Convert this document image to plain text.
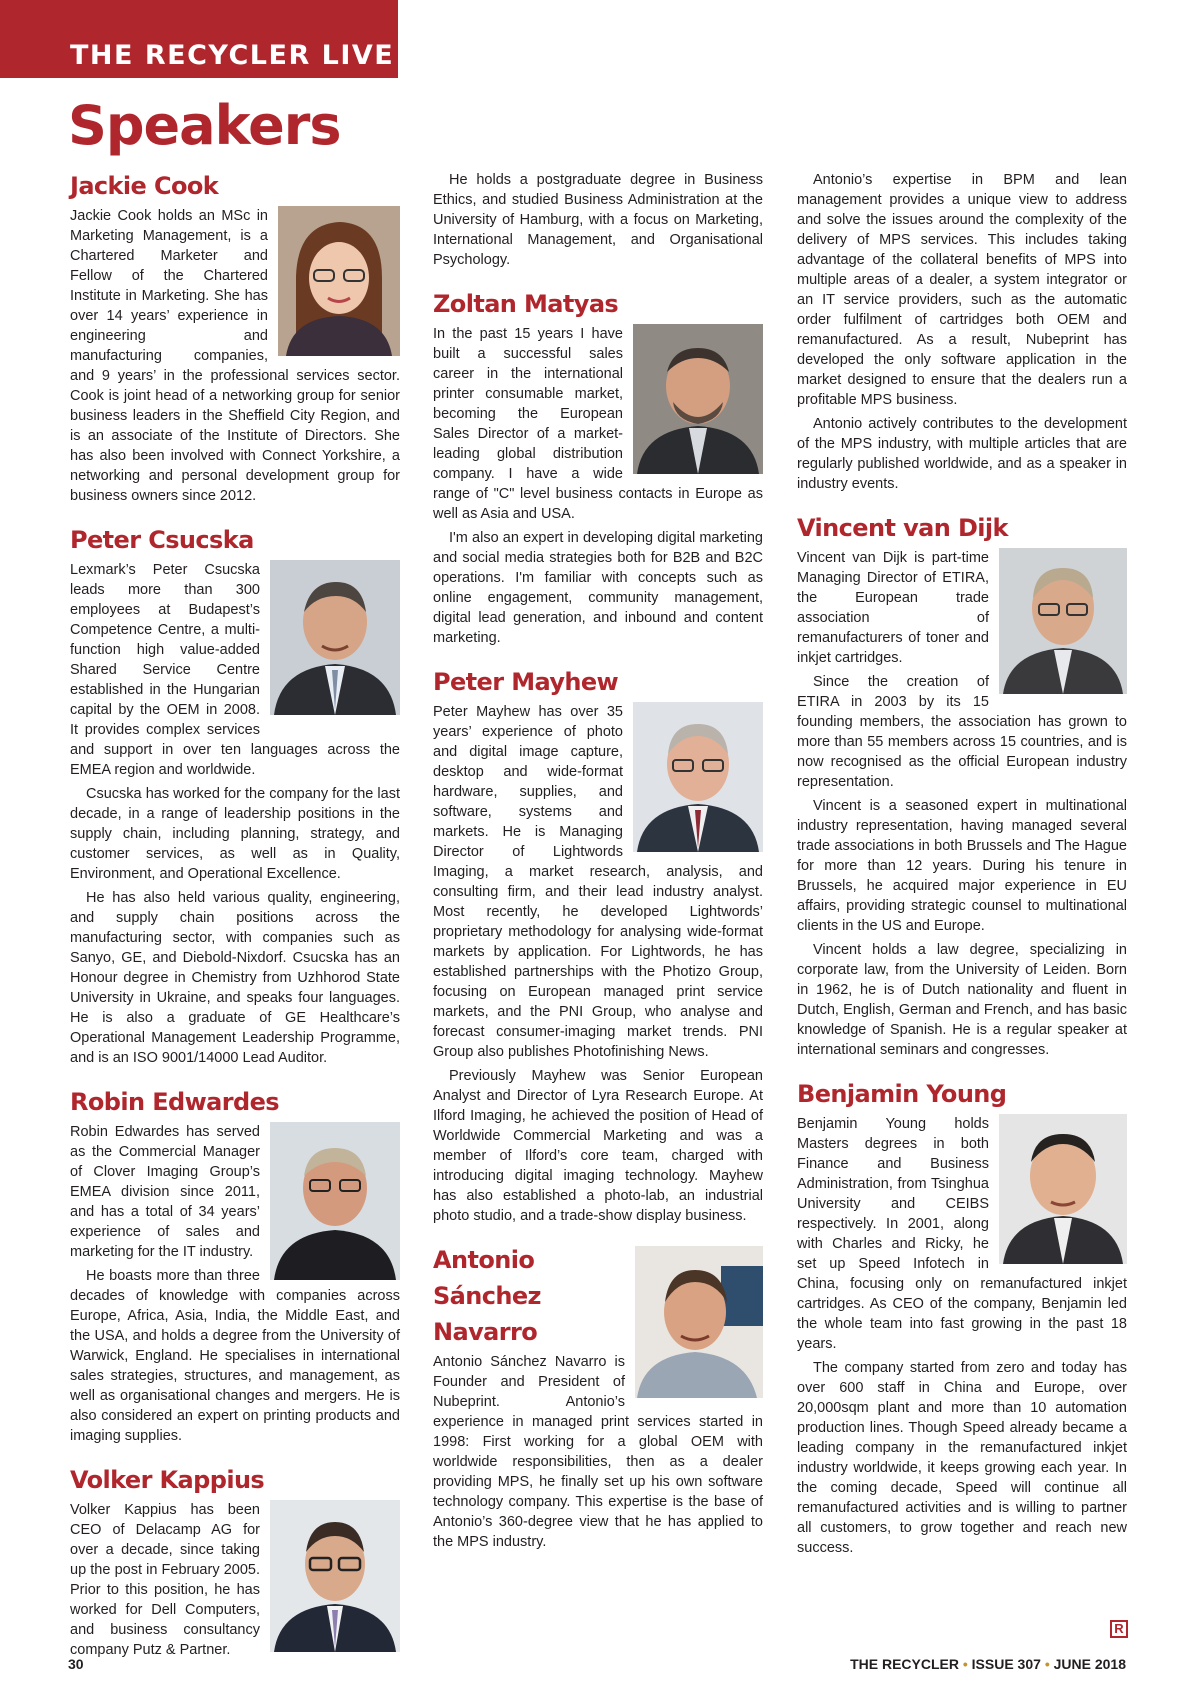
THE RECYCLER LIVE
Speakers
Jackie Cook

Jackie Cook holds an MSc in Marketing Management, is a Chartered Marketer and Fellow of the Chartered Institute in Marketing. She has over 14 years’ experience in engineering and manufacturing companies, and 9 years’ in the professional services sector. Cook is joint head of a networking group for senior business leaders in the Sheffield City Region, and is an associate of the Institute of Directors. She has also been involved with Connect Yorkshire, a networking and personal development group for business owners since 2012.

Peter Csucska

Lexmark’s Peter Csucska leads more than 300 employees at Budapest’s Competence Centre, a multi-function high value-added Shared Service Centre established in the Hungarian capital by the OEM in 2008. It provides complex services and support in over ten languages across the EMEA region and worldwide.

Csucska has worked for the company for the last decade, in a range of leadership positions in the supply chain, including planning, strategy, and customer services, as well as in Quality, Environment, and Operational Excellence.

He has also held various quality, engineering, and supply chain positions across the manufacturing sector, with companies such as Sanyo, GE, and Diebold-Nixdorf. Csucska has an Honour degree in Chemistry from Uzhhorod State University in Ukraine, and speaks four languages. He is also a graduate of GE Healthcare’s Operational Management Leadership Programme, and is an ISO 9001/14000 Lead Auditor.

Robin Edwardes

Robin Edwardes has served as the Commercial Manager of Clover Imaging Group’s EMEA division since 2011, and has a total of 34 years’ experience of sales and marketing for the IT industry.

He boasts more than three decades of knowledge with companies across Europe, Africa, Asia, India, the Middle East, and the USA, and holds a degree from the University of Warwick, England. He specialises in international sales strategies, structures, and management, as well as organisational changes and mergers. He is also considered an expert on printing products and imaging supplies.

Volker Kappius

Volker Kappius has been CEO of Delacamp AG for over a decade, since taking up the post in February 2005. Prior to this position, he has worked for Dell Computers, and business consultancy company Putz & Partner.

He holds a postgraduate degree in Business Ethics, and studied Business Administration at the University of Hamburg, with a focus on Marketing, International Management, and Organisational Psychology.

Zoltan Matyas

In the past 15 years I have built a successful sales career in the international printer consumable market, becoming the European Sales Director of a market-leading global distribution company. I have a wide range of "C" level business contacts in Europe as well as Asia and USA.

I'm also an expert in developing digital marketing and social media strategies both for B2B and B2C operations. I'm familiar with concepts such as online engagement, community management, digital lead generation, and inbound and content marketing.

Peter Mayhew

Peter Mayhew has over 35 years’ experience of photo and digital image capture, desktop and wide-format hardware, supplies, and software, systems and markets. He is Managing Director of Lightwords Imaging, a market research, analysis, and consulting firm, and their lead industry analyst. Most recently, he developed Lightwords’ proprietary methodology for analysing wide-format markets by application. For Lightwords, he has established partnerships with the Photizo Group, focusing on European managed print service markets, and the PNI Group, who analyse and forecast consumer-imaging market trends. PNI Group also publishes Photofinishing News.

Previously Mayhew was Senior European Analyst and Director of Lyra Research Europe. At Ilford Imaging, he achieved the position of Head of Worldwide Commercial Marketing and was a member of Ilford’s core team, charged with introducing digital imaging technology. Mayhew has also established a photo-lab, an industrial photo studio, and a trade-show display business.

Antonio Sánchez Navarro

Antonio Sánchez Navarro is Founder and President of Nubeprint. Antonio’s experience in managed print services started in 1998: First working for a global OEM with worldwide responsibilities, then as a dealer providing MPS, he finally set up his own software technology company. This expertise is the base of Antonio’s 360-degree view that he has applied to the MPS industry.

Antonio’s expertise in BPM and lean management provides a unique view to address and solve the issues around the complexity of the delivery of MPS services. This includes taking advantage of the collateral benefits of MPS into multiple areas of a dealer, a system integrator or an IT service providers, such as the automatic order fulfilment of cartridges both OEM and remanufactured. As a result, Nubeprint has developed the only software application in the market designed to ensure that the dealers run a profitable MPS business.

Antonio actively contributes to the development of the MPS industry, with multiple articles that are regularly published worldwide, and as a speaker in industry events.

Vincent van Dijk

Vincent van Dijk is part-time Managing Director of ETIRA, the European trade association of remanufacturers of toner and inkjet cartridges.

Since the creation of ETIRA in 2003 by its 15 founding members, the association has grown to more than 55 members across 15 countries, and is now recognised as the official European industry representation.

Vincent is a seasoned expert in multinational industry representation, having managed several trade associations in both Brussels and The Hague for more than 12 years. During his tenure in Brussels, he acquired major experience in EU affairs, providing strategic counsel to multinational clients in the US and Europe.

Vincent holds a law degree, specializing in corporate law, from the University of Leiden. Born in 1962, he is of Dutch nationality and fluent in Dutch, English, German and French, and has basic knowledge of Spanish. He is a regular speaker at international seminars and congresses.

Benjamin Young

Benjamin Young holds Masters degrees in both Finance and Business Administration, from Tsinghua University and CEIBS respectively. In 2001, along with Charles and Ricky, he set up Speed Infotech in China, focusing only on remanufactured inkjet cartridges. As CEO of the company, Benjamin led the whole team into fast growing in the past 18 years.

The company started from zero and today has over 600 staff in China and Europe, over 20,000sqm plant and more than 10 automation production lines. Though Speed already became a leading company in the remanufactured inkjet industry worldwide, it keeps growing each year. In the coming decade, Speed will continue all remanufactured activities and is willing to partner all customers, to grow together and reach new success.

R
30	THE RECYCLER • ISSUE 307 • JUNE 2018
